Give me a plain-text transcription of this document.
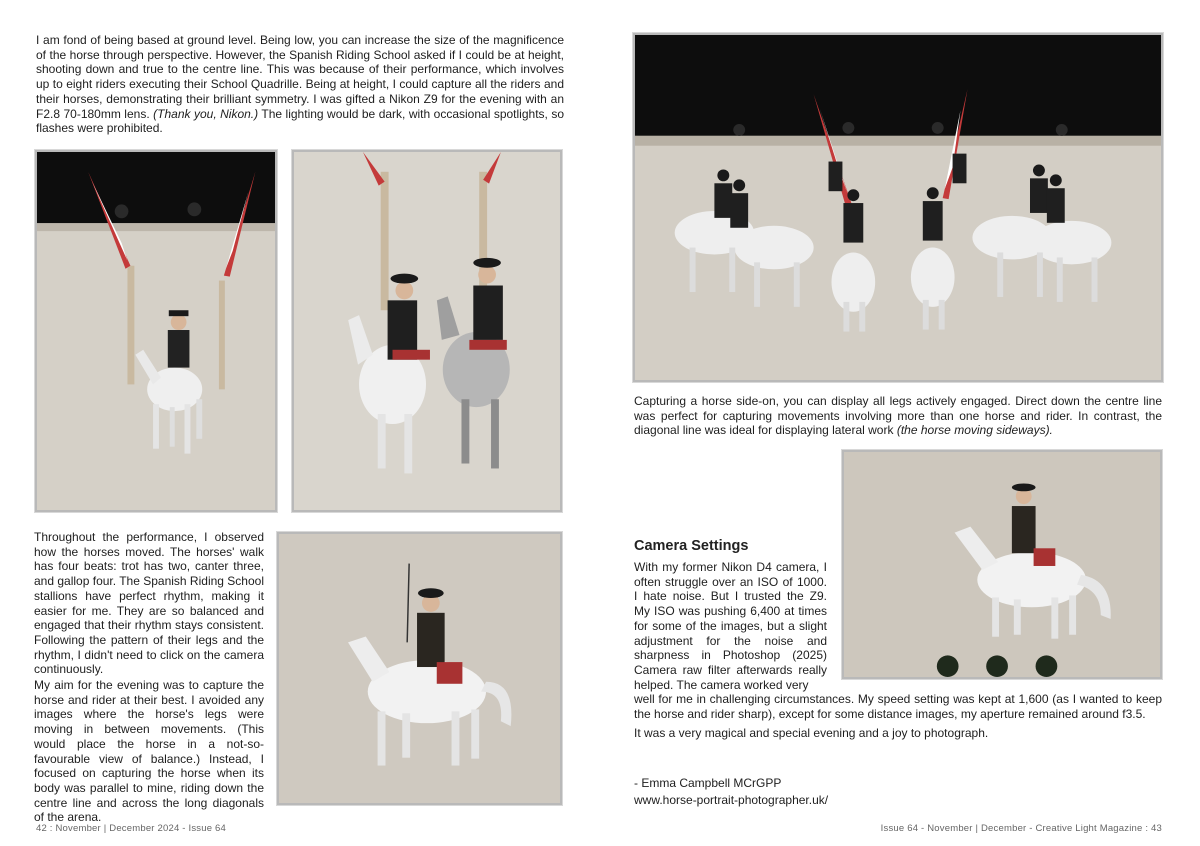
I am fond of being based at ground level. Being low, you can increase the size of the magnificence of the horse through perspective. However, the Spanish Riding School asked if I could be at height, shooting down and true to the centre line. This was because of their performance, which involves up to eight riders executing their School Quadrille. Being at height, I could capture all the riders and their horses, demonstrating their brilliant symmetry. I was gifted a Nikon Z9 for the evening with an F2.8 70-180mm lens. (Thank you, Nikon.) The lighting would be dark, with occasional spotlights, so flashes were prohibited.

Throughout the performance, I observed how the horses moved. The horses' walk has four beats: trot has two, canter three, and gallop four. The Spanish Riding School stallions have perfect rhythm, making it easier for me. They are so balanced and engaged that their rhythm stays consistent. Following the pattern of their legs and the rhythm, I didn't need to click on the camera continuously.

My aim for the evening was to capture the horse and rider at their best. I avoided any images where the horse's legs were moving in between movements. (This would place the horse in a not-so-favourable view of balance.) Instead, I focused on capturing the horse when its body was parallel to mine, riding down the centre line and across the long diagonals of the arena.

42 : November | December 2024 - Issue 64

Capturing a horse side-on, you can display all legs actively engaged. Direct down the centre line was perfect for capturing movements involving more than one horse and rider. In contrast, the diagonal line was ideal for displaying lateral work (the horse moving sideways).

Camera Settings

With my former Nikon D4 camera, I often struggle over an ISO of 1000. I hate noise. But I trusted the Z9. My ISO was pushing 6,400 at times for some of the images, but a slight adjustment for the noise and sharpness in Photoshop (2025) Camera raw filter afterwards really helped. The camera worked very

well for me in challenging circumstances. My speed setting was kept at 1,600 (as I wanted to keep the horse and rider sharp), except for some distance images, my aperture remained around f3.5.

It was a very magical and special evening and a joy to photograph.

- Emma Campbell MCrGPP
www.horse-portrait-photographer.uk/
Issue 64 - November | December - Creative Light Magazine : 43
